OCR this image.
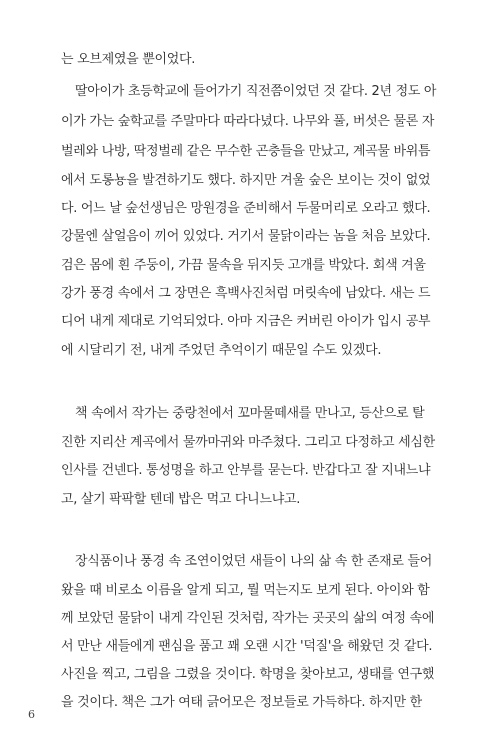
는 오브제였을 뿐이었다.
딸아이가 초등학교에 들어가기 직전쯤이었던 것 같다. 2년 정도 아
이가 가는 숲학교를 주말마다 따라다녔다. 나무와 풀, 버섯은 물론 자
벌레와 나방, 딱정벌레 같은 무수한 곤충들을 만났고, 계곡물 바위틈
에서 도롱뇽을 발견하기도 했다. 하지만 겨울 숲은 보이는 것이 없었
다. 어느 날 숲선생님은 망원경을 준비해서 두물머리로 오라고 했다.
강물엔 살얼음이 끼어 있었다. 거기서 물닭이라는 놈을 처음 보았다.
검은 몸에 흰 주둥이, 가끔 물속을 뒤지듯 고개를 박았다. 회색 겨울
강가 풍경 속에서 그 장면은 흑백사진처럼 머릿속에 남았다. 새는 드
디어 내게 제대로 기억되었다. 아마 지금은 커버린 아이가 입시 공부
에 시달리기 전, 내게 주었던 추억이기 때문일 수도 있겠다.
책 속에서 작가는 중랑천에서 꼬마물떼새를 만나고, 등산으로 탈
진한 지리산 계곡에서 물까마귀와 마주쳤다. 그리고 다정하고 세심한
인사를 건넨다. 통성명을 하고 안부를 묻는다. 반갑다고 잘 지내느냐
고, 살기 팍팍할 텐데 밥은 먹고 다니느냐고.
장식품이나 풍경 속 조연이었던 새들이 나의 삶 속 한 존재로 들어
왔을 때 비로소 이름을 알게 되고, 뭘 먹는지도 보게 된다. 아이와 함
께 보았던 물닭이 내게 각인된 것처럼, 작가는 곳곳의 삶의 여정 속에
서 만난 새들에게 팬심을 품고 꽤 오랜 시간 '덕질'을 해왔던 것 같다.
사진을 찍고, 그림을 그렸을 것이다. 학명을 찾아보고, 생태를 연구했
을 것이다. 책은 그가 여태 긁어모은 정보들로 가득하다. 하지만 한
6
